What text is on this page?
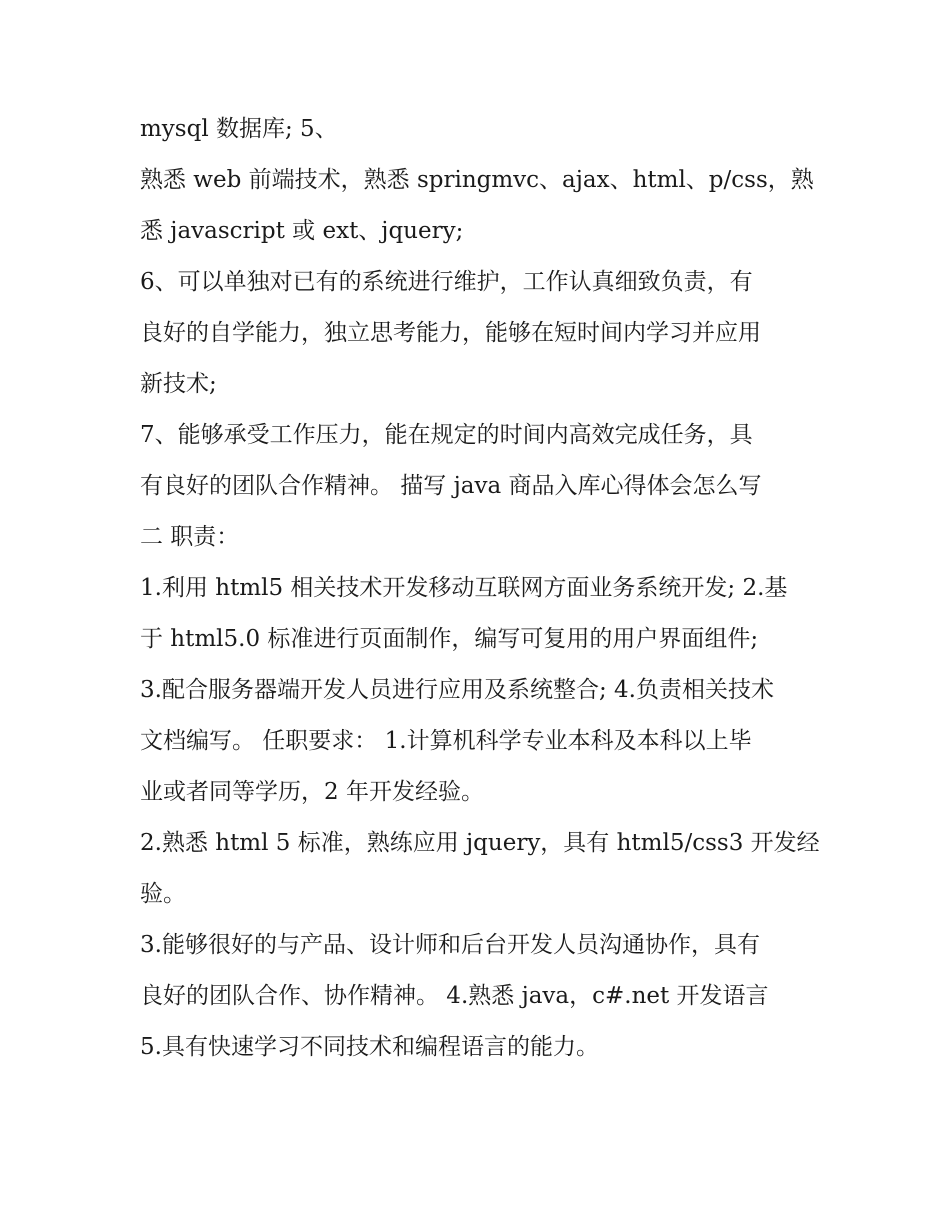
mysql 数据库; 5、
熟悉 web 前端技术，熟悉 springmvc、ajax、html、p/css，熟
悉 javascript 或 ext、jquery;
6、可以单独对已有的系统进行维护，工作认真细致负责，有
良好的自学能力，独立思考能力，能够在短时间内学习并应用
新技术;
7、能够承受工作压力，能在规定的时间内高效完成任务，具
有良好的团队合作精神。 描写 java 商品入库心得体会怎么写
二 职责：
1.利用 html5 相关技术开发移动互联网方面业务系统开发; 2.基
于 html5.0 标准进行页面制作，编写可复用的用户界面组件;
3.配合服务器端开发人员进行应用及系统整合; 4.负责相关技术
文档编写。 任职要求： 1.计算机科学专业本科及本科以上毕
业或者同等学历，2 年开发经验。
2.熟悉 html 5 标准，熟练应用 jquery，具有 html5/css3 开发经
验。
3.能够很好的与产品、设计师和后台开发人员沟通协作，具有
良好的团队合作、协作精神。 4.熟悉 java，c#.net 开发语言
5.具有快速学习不同技术和编程语言的能力。
